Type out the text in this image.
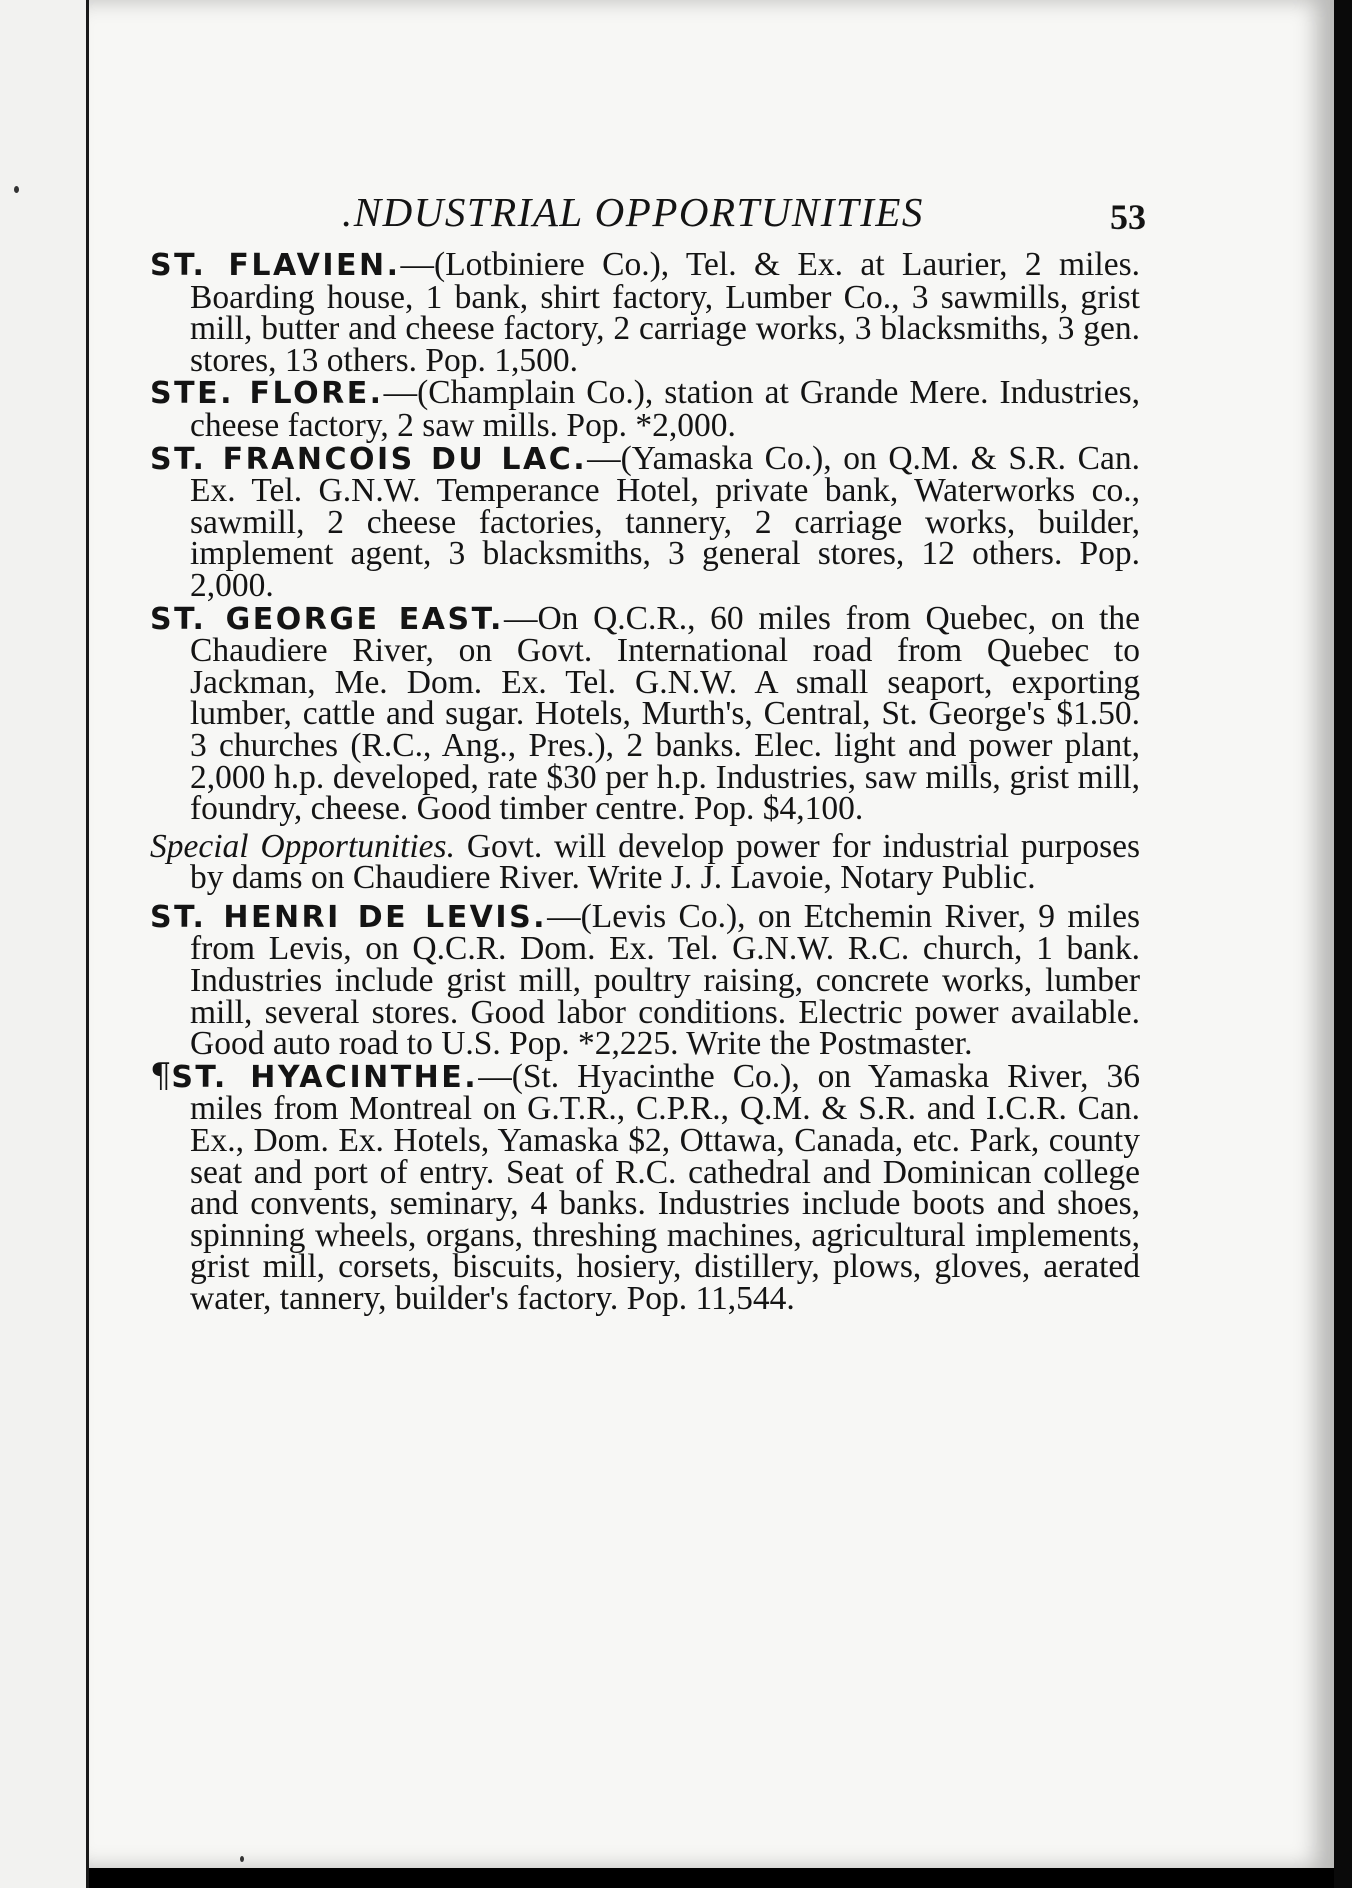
.NDUSTRIAL OPPORTUNITIES	53

ST. FLAVIEN.—(Lotbiniere Co.), Tel. & Ex. at Laurier, 2 miles. Boarding house, 1 bank, shirt factory, Lumber Co., 3 sawmills, grist mill, butter and cheese factory, 2 carriage works, 3 blacksmiths, 3 gen. stores, 13 others. Pop. 1,500.

STE. FLORE.—(Champlain Co.), station at Grande Mere. Industries, cheese factory, 2 saw mills. Pop. *2,000.

ST. FRANCOIS DU LAC.—(Yamaska Co.), on Q.M. & S.R. Can. Ex. Tel. G.N.W. Temperance Hotel, private bank, Waterworks co., sawmill, 2 cheese factories, tannery, 2 carriage works, builder, implement agent, 3 blacksmiths, 3 general stores, 12 others. Pop. 2,000.

ST. GEORGE EAST.—On Q.C.R., 60 miles from Quebec, on the Chaudiere River, on Govt. International road from Quebec to Jackman, Me. Dom. Ex. Tel. G.N.W. A small seaport, exporting lumber, cattle and sugar. Hotels, Murth's, Central, St. George's $1.50. 3 churches (R.C., Ang., Pres.), 2 banks. Elec. light and power plant, 2,000 h.p. developed, rate $30 per h.p. Industries, saw mills, grist mill, foundry, cheese. Good timber centre. Pop. $4,100.

Special Opportunities. Govt. will develop power for industrial purposes by dams on Chaudiere River. Write J. J. Lavoie, Notary Public.

ST. HENRI DE LEVIS.—(Levis Co.), on Etchemin River, 9 miles from Levis, on Q.C.R. Dom. Ex. Tel. G.N.W. R.C. church, 1 bank. Industries include grist mill, poultry raising, concrete works, lumber mill, several stores. Good labor conditions. Electric power available. Good auto road to U.S. Pop. *2,225. Write the Postmaster.

¶ST. HYACINTHE.—(St. Hyacinthe Co.), on Yamaska River, 36 miles from Montreal on G.T.R., C.P.R., Q.M. & S.R. and I.C.R. Can. Ex., Dom. Ex. Hotels, Yamaska $2, Ottawa, Canada, etc. Park, county seat and port of entry. Seat of R.C. cathedral and Dominican college and convents, seminary, 4 banks. Industries include boots and shoes, spinning wheels, organs, threshing machines, agricultural implements, grist mill, corsets, biscuits, hosiery, distillery, plows, gloves, aerated water, tannery, builder's factory. Pop. 11,544.
